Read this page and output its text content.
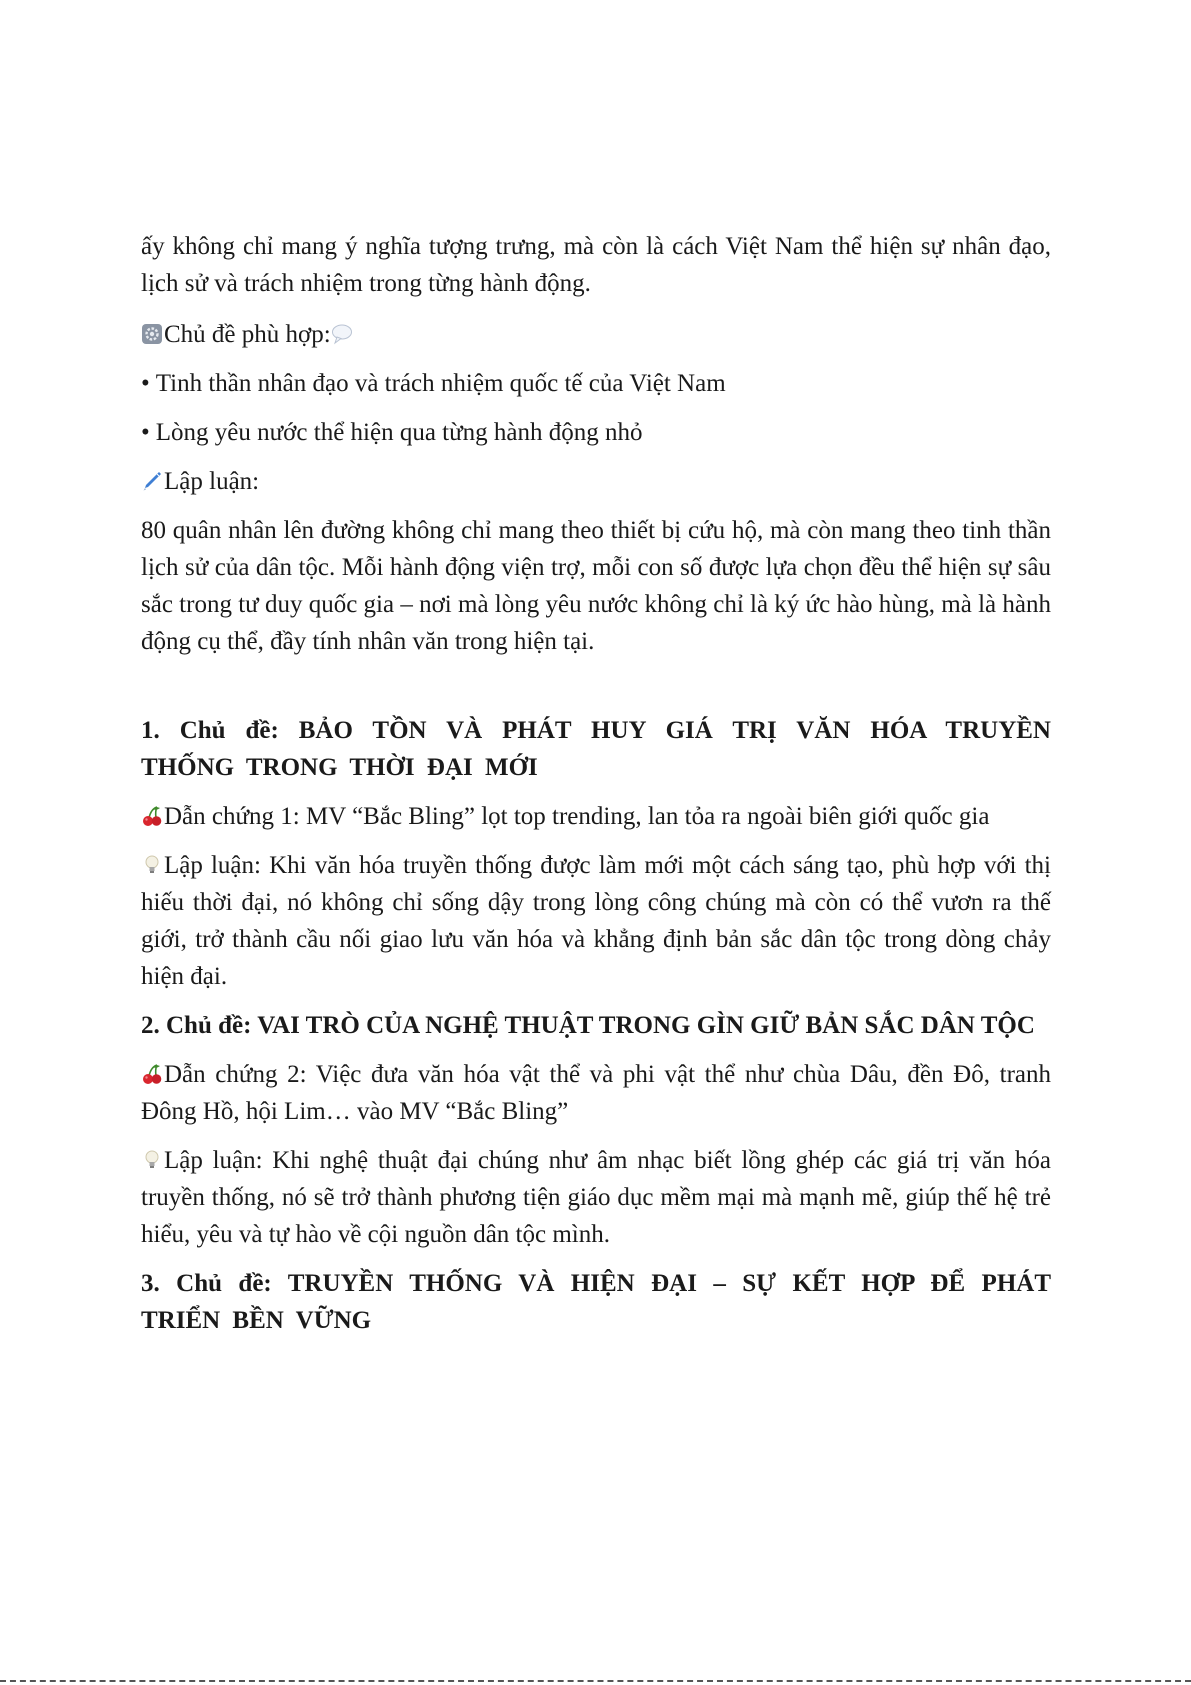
ấy không chỉ mang ý nghĩa tượng trưng, mà còn là cách Việt Nam thể hiện sự nhân đạo, lịch sử và trách nhiệm trong từng hành động.

Chủ đề phù hợp:

• Tinh thần nhân đạo và trách nhiệm quốc tế của Việt Nam

• Lòng yêu nước thể hiện qua từng hành động nhỏ

Lập luận:

80 quân nhân lên đường không chỉ mang theo thiết bị cứu hộ, mà còn mang theo tinh thần lịch sử của dân tộc. Mỗi hành động viện trợ, mỗi con số được lựa chọn đều thể hiện sự sâu sắc trong tư duy quốc gia – nơi mà lòng yêu nước không chỉ là ký ức hào hùng, mà là hành động cụ thể, đầy tính nhân văn trong hiện tại.

1. Chủ đề: BẢO TỒN VÀ PHÁT HUY GIÁ TRỊ VĂN HÓA TRUYỀN THỐNG TRONG THỜI ĐẠI MỚI

Dẫn chứng 1: MV “Bắc Bling” lọt top trending, lan tỏa ra ngoài biên giới quốc gia

Lập luận: Khi văn hóa truyền thống được làm mới một cách sáng tạo, phù hợp với thị hiếu thời đại, nó không chỉ sống dậy trong lòng công chúng mà còn có thể vươn ra thế giới, trở thành cầu nối giao lưu văn hóa và khẳng định bản sắc dân tộc trong dòng chảy hiện đại.

2. Chủ đề: VAI TRÒ CỦA NGHỆ THUẬT TRONG GÌN GIỮ BẢN SẮC DÂN TỘC

Dẫn chứng 2: Việc đưa văn hóa vật thể và phi vật thể như chùa Dâu, đền Đô, tranh Đông Hồ, hội Lim… vào MV “Bắc Bling”

Lập luận: Khi nghệ thuật đại chúng như âm nhạc biết lồng ghép các giá trị văn hóa truyền thống, nó sẽ trở thành phương tiện giáo dục mềm mại mà mạnh mẽ, giúp thế hệ trẻ hiểu, yêu và tự hào về cội nguồn dân tộc mình.

3. Chủ đề: TRUYỀN THỐNG VÀ HIỆN ĐẠI – SỰ KẾT HỢP ĐỂ PHÁT TRIỂN BỀN VỮNG
